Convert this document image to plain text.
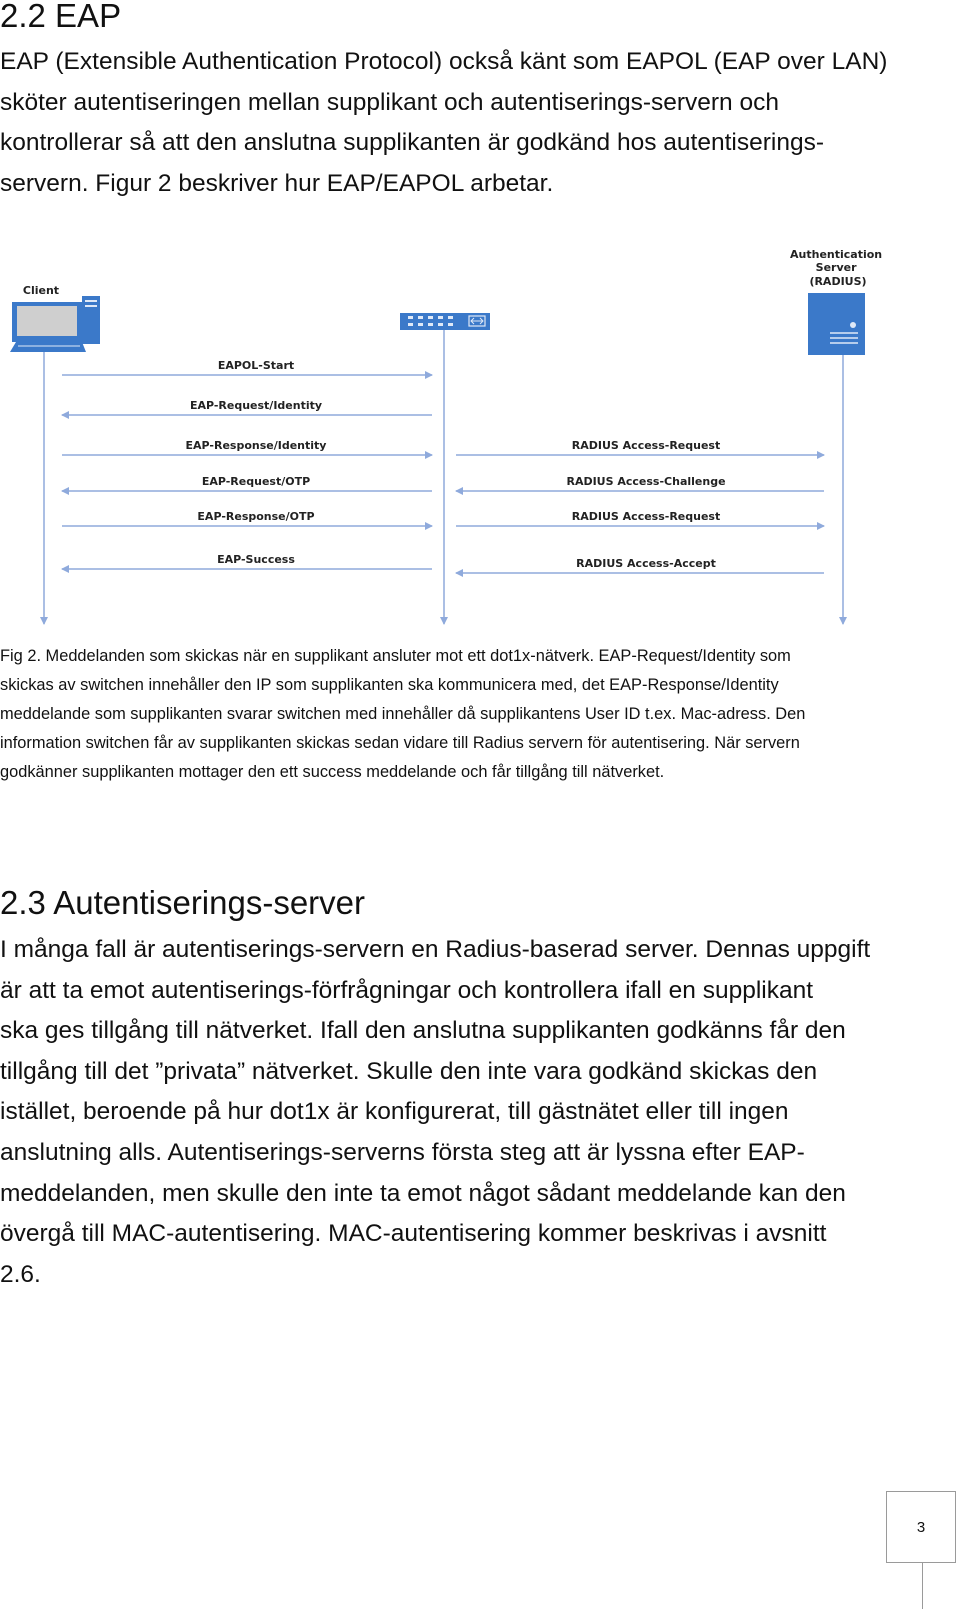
2.2 EAP
EAP (Extensible Authentication Protocol) också känt som EAPOL (EAP over LAN)
sköter autentiseringen mellan supplikant och autentiserings-servern och
kontrollerar så att den anslutna supplikanten är godkänd hos autentiserings-
servern. Figur 2 beskriver hur EAP/EAPOL arbetar.
Client
Authentication Server (RADIUS)
EAPOL-Start
EAP-Request/Identity
EAP-Response/Identity
EAP-Request/OTP
EAP-Response/OTP
EAP-Success
RADIUS Access-Request
RADIUS Access-Challenge
RADIUS Access-Request
RADIUS Access-Accept
Fig 2. Meddelanden som skickas när en supplikant ansluter mot ett dot1x-nätverk. EAP-Request/Identity som
skickas av switchen innehåller den IP som supplikanten ska kommunicera med, det EAP-Response/Identity
meddelande som supplikanten svarar switchen med innehåller då supplikantens User ID t.ex. Mac-adress. Den
information switchen får av supplikanten skickas sedan vidare till Radius servern för autentisering. När servern
godkänner supplikanten mottager den ett success meddelande och får tillgång till nätverket.
2.3 Autentiserings-server
I många fall är autentiserings-servern en Radius-baserad server. Dennas uppgift
är att ta emot autentiserings-förfrågningar och kontrollera ifall en supplikant
ska ges tillgång till nätverket. Ifall den anslutna supplikanten godkänns får den
tillgång till det ”privata” nätverket. Skulle den inte vara godkänd skickas den
istället, beroende på hur dot1x är konfigurerat, till gästnätet eller till ingen
anslutning alls. Autentiserings-serverns första steg att är lyssna efter EAP-
meddelanden, men skulle den inte ta emot något sådant meddelande kan den
övergå till MAC-autentisering. MAC-autentisering kommer beskrivas i avsnitt
2.6.
3
